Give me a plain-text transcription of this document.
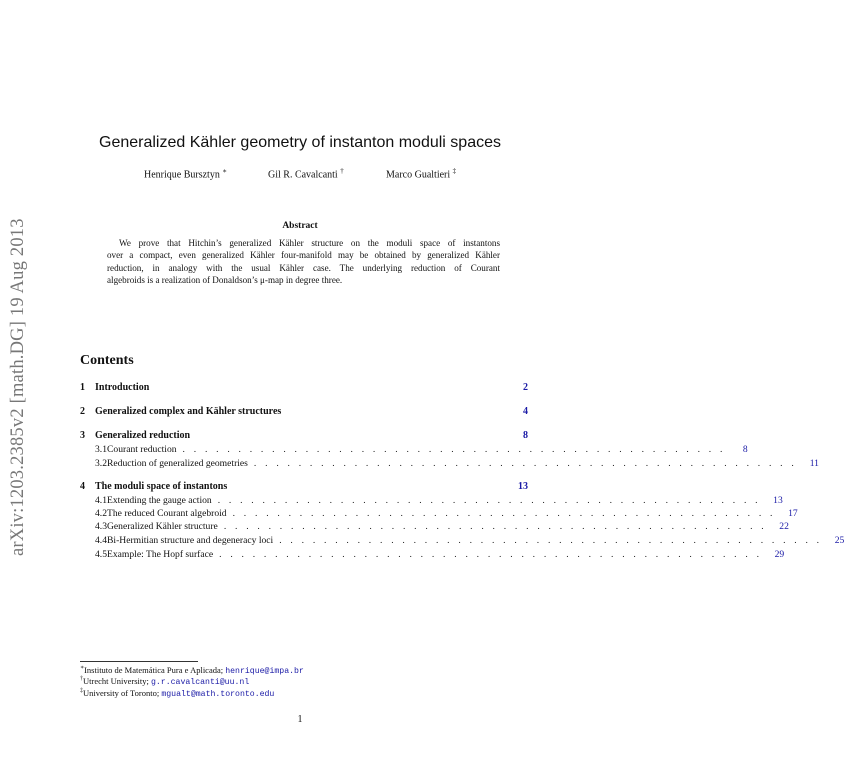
arXiv:1203.2385v2 [math.DG] 19 Aug 2013
Generalized Kähler geometry of instanton moduli spaces
Henrique Bursztyn ∗	Gil R. Cavalcanti †	Marco Gualtieri ‡
Abstract
We prove that Hitchin’s generalized Kähler structure on the moduli space of instantons
over a compact, even generalized Kähler four-manifold may be obtained by generalized Kähler
reduction, in analogy with the usual Kähler case. The underlying reduction of Courant
algebroids is a realization of Donaldson’s μ-map in degree three.
Contents
1	Introduction	2
2	Generalized complex and Kähler structures	4
3	Generalized reduction	8
3.1 Courant reduction . . . . . . . . . . . . . . . . . . . . . . . . . . . . . . . . . . . . . . . . . . . . . . . . .	8
3.2 Reduction of generalized geometries . . . . . . . . . . . . . . . . . . . . . . . . . . . . . . . . . . . . . . . . . . . . . . . . .	11
4	The moduli space of instantons	13
4.1 Extending the gauge action . . . . . . . . . . . . . . . . . . . . . . . . . . . . . . . . . . . . . . . . . . . . . . . . .	13
4.2 The reduced Courant algebroid . . . . . . . . . . . . . . . . . . . . . . . . . . . . . . . . . . . . . . . . . . . . . . . . .	17
4.3 Generalized Kähler structure . . . . . . . . . . . . . . . . . . . . . . . . . . . . . . . . . . . . . . . . . . . . . . . . .	22
4.4 Bi-Hermitian structure and degeneracy loci . . . . . . . . . . . . . . . . . . . . . . . . . . . . . . . . . . . . . . . . . . . . . . . . .	25
4.5 Example: The Hopf surface . . . . . . . . . . . . . . . . . . . . . . . . . . . . . . . . . . . . . . . . . . . . . . . . .	29
∗Instituto de Matemática Pura e Aplicada; henrique@impa.br
†Utrecht University; g.r.cavalcanti@uu.nl
‡University of Toronto; mgualt@math.toronto.edu
1
